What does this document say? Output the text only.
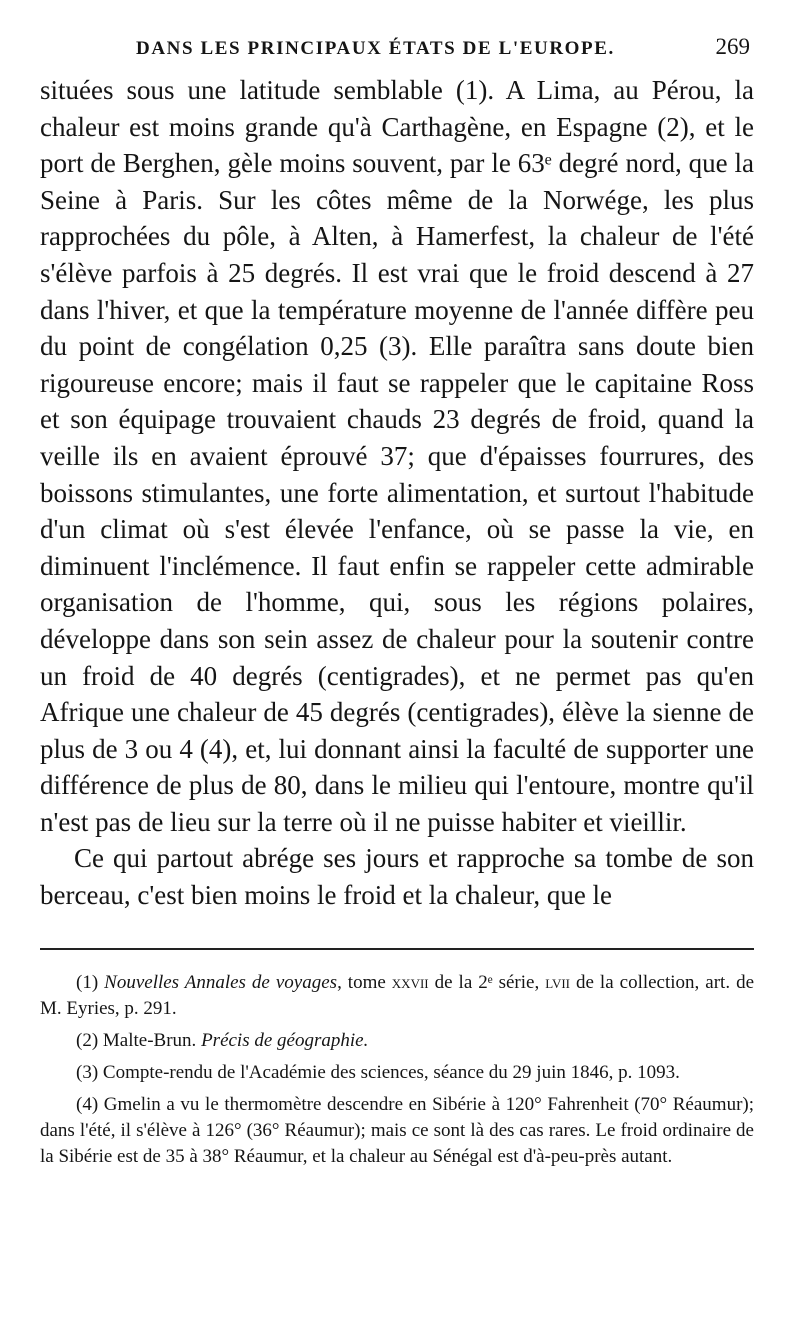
DANS LES PRINCIPAUX ÉTATS DE L'EUROPE.	269

situées sous une latitude semblable (1). A Lima, au Pérou, la chaleur est moins grande qu'à Carthagène, en Espagne (2), et le port de Berghen, gèle moins souvent, par le 63ᵉ degré nord, que la Seine à Paris. Sur les côtes même de la Norwége, les plus rapprochées du pôle, à Alten, à Hamerfest, la chaleur de l'été s'élève parfois à 25 degrés. Il est vrai que le froid descend à 27 dans l'hiver, et que la température moyenne de l'année diffère peu du point de congélation 0,25 (3). Elle paraîtra sans doute bien rigoureuse encore; mais il faut se rappeler que le capitaine Ross et son équipage trouvaient chauds 23 degrés de froid, quand la veille ils en avaient éprouvé 37; que d'épaisses fourrures, des boissons stimulantes, une forte alimentation, et surtout l'habitude d'un climat où s'est élevée l'enfance, où se passe la vie, en diminuent l'inclémence. Il faut enfin se rappeler cette admirable organisation de l'homme, qui, sous les régions polaires, développe dans son sein assez de chaleur pour la soutenir contre un froid de 40 degrés (centigrades), et ne permet pas qu'en Afrique une chaleur de 45 degrés (centigrades), élève la sienne de plus de 3 ou 4 (4), et, lui donnant ainsi la faculté de supporter une différence de plus de 80, dans le milieu qui l'entoure, montre qu'il n'est pas de lieu sur la terre où il ne puisse habiter et vieillir.

Ce qui partout abrége ses jours et rapproche sa tombe de son berceau, c'est bien moins le froid et la chaleur, que le

(1) Nouvelles Annales de voyages, tome xxvii de la 2ᵉ série, lvii de la collection, art. de M. Eyries, p. 291.

(2) Malte-Brun. Précis de géographie.

(3) Compte-rendu de l'Académie des sciences, séance du 29 juin 1846, p. 1093.

(4) Gmelin a vu le thermomètre descendre en Sibérie à 120° Fahrenheit (70° Réaumur); dans l'été, il s'élève à 126° (36° Réaumur); mais ce sont là des cas rares. Le froid ordinaire de la Sibérie est de 35 à 38° Réaumur, et la chaleur au Sénégal est d'à-peu-près autant.
